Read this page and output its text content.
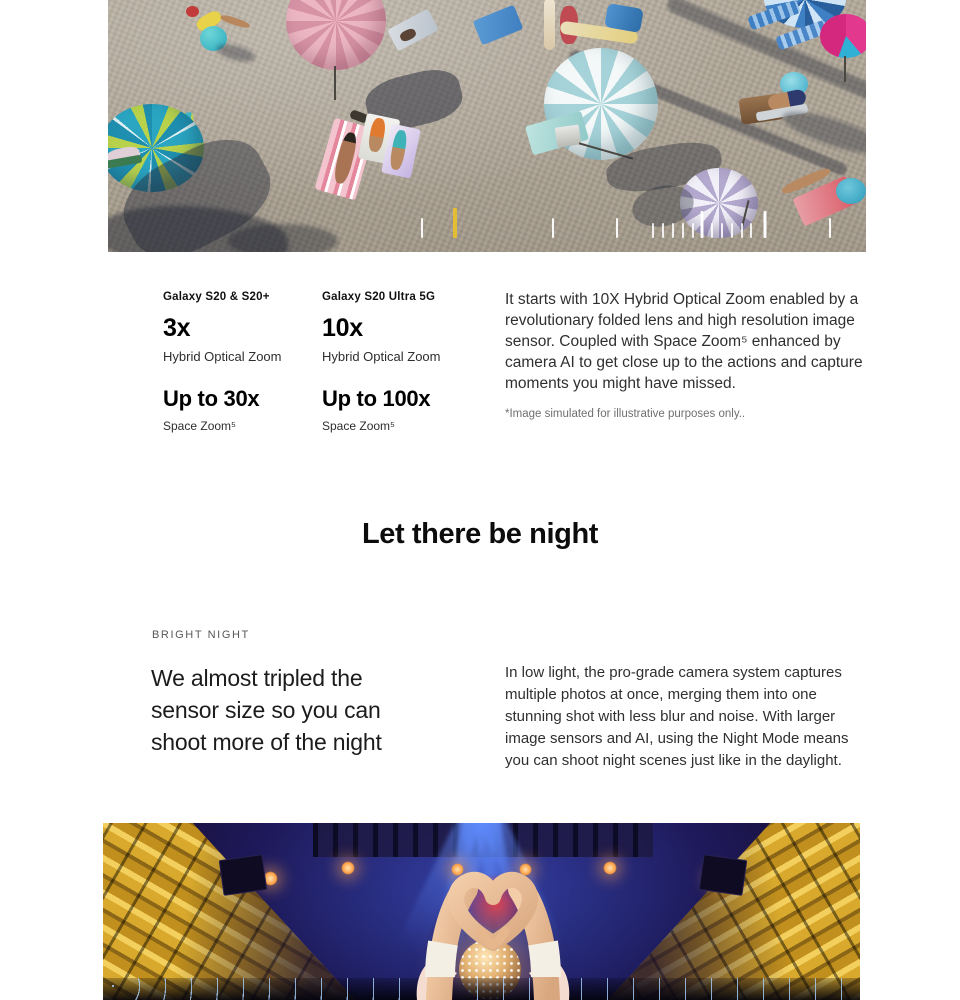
Galaxy S20 & S20+
3x
Hybrid Optical Zoom
Up to 30x
Space Zoom⁵
Galaxy S20 Ultra 5G
10x
Hybrid Optical Zoom
Up to 100x
Space Zoom⁵
It starts with 10X Hybrid Optical Zoom enabled by a revolutionary folded lens and high resolution image sensor. Coupled with Space Zoom⁵ enhanced by camera AI to get close up to the actions and capture moments you might have missed.
*Image simulated for illustrative purposes only..
Let there be night
BRIGHT NIGHT
We almost tripled the
sensor size so you can
shoot more of the night
In low light, the pro-grade camera system captures multiple photos at once, merging them into one stunning shot with less blur and noise. With larger image sensors and AI, using the Night Mode means you can shoot night scenes just like in the daylight.
